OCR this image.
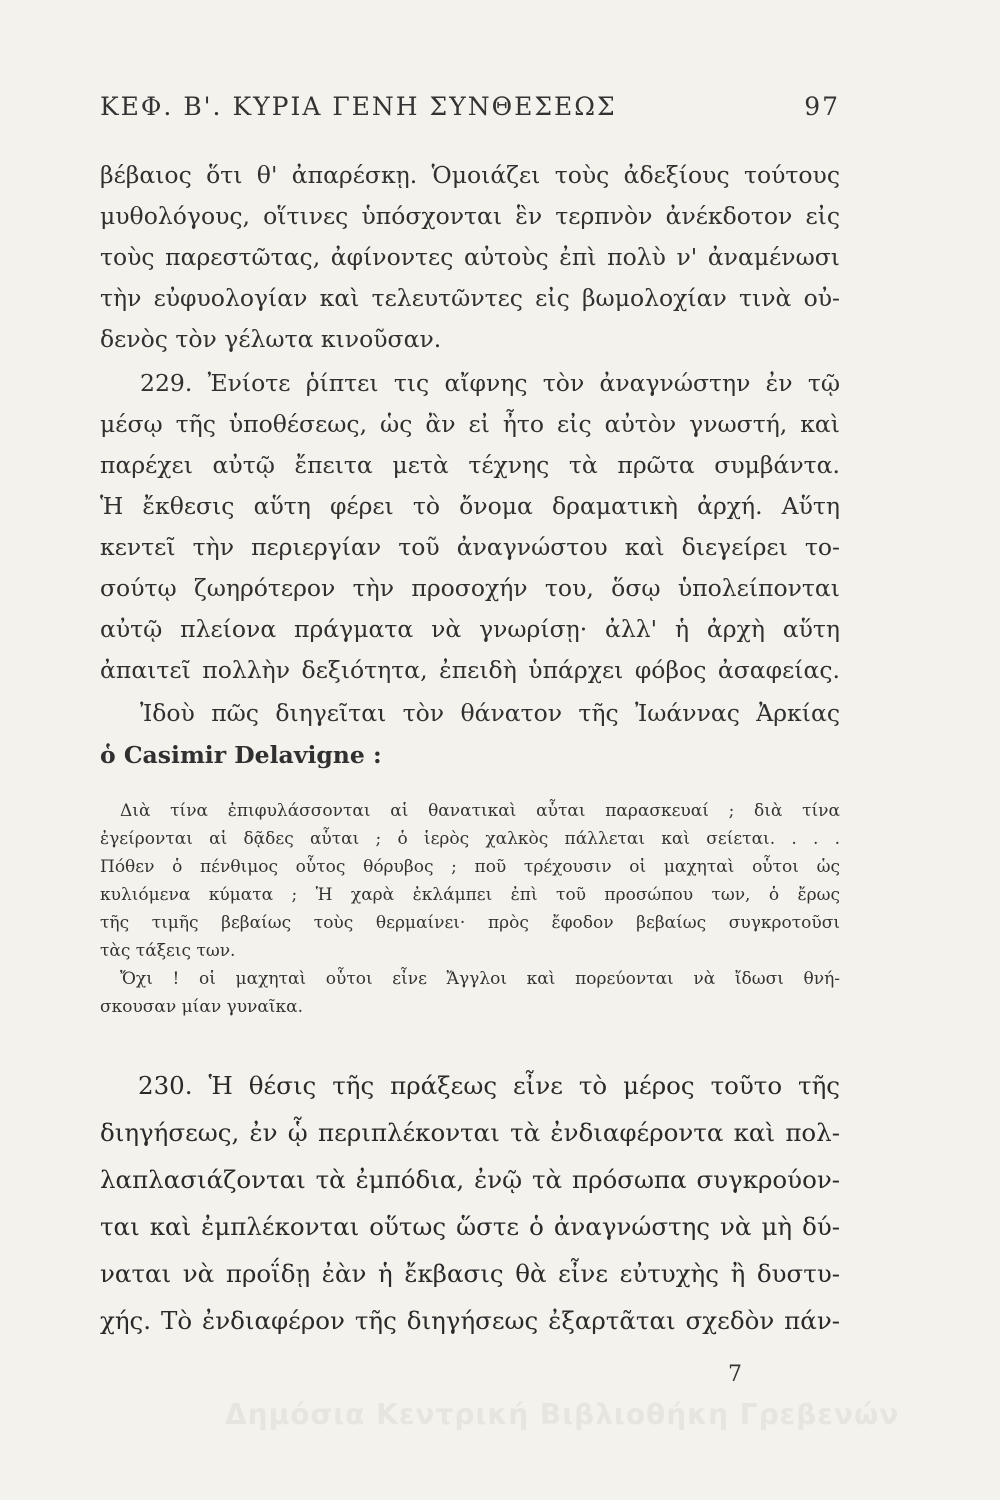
ΚΕΦ. Β'. ΚΥΡΙΑ ΓΕΝΗ ΣΥΝΘΕΣΕΩΣ	97
βέβαιος ὅτι θ' ἀπαρέσκῃ. Ὁμοιάζει τοὺς ἀδεξίους τούτους
μυθολόγους, οἵτινες ὑπόσχονται ἓν τερπνὸν ἀνέκδοτον εἰς
τοὺς παρεστῶτας, ἀφίνοντες αὐτοὺς ἐπὶ πολὺ ν' ἀναμένωσι
τὴν εὐφυολογίαν καὶ τελευτῶντες εἰς βωμολοχίαν τινὰ οὐ-
δενὸς τὸν γέλωτα κινοῦσαν.
229. Ἐνίοτε ῥίπτει τις αἴφνης τὸν ἀναγνώστην ἐν τῷ
μέσῳ τῆς ὑποθέσεως, ὡς ἂν εἰ ἦτο εἰς αὐτὸν γνωστή, καὶ
παρέχει αὐτῷ ἔπειτα μετὰ τέχνης τὰ πρῶτα συμβάντα.
Ἡ ἔκθεσις αὕτη φέρει τὸ ὄνομα δραματικὴ ἀρχή. Αὕτη
κεντεῖ τὴν περιεργίαν τοῦ ἀναγνώστου καὶ διεγείρει το-
σούτῳ ζωηρότερον τὴν προσοχήν του, ὅσῳ ὑπολείπονται
αὐτῷ πλείονα πράγματα νὰ γνωρίσῃ· ἀλλ' ἡ ἀρχὴ αὕτη
ἀπαιτεῖ πολλὴν δεξιότητα, ἐπειδὴ ὑπάρχει φόβος ἀσαφείας.
Ἰδοὺ πῶς διηγεῖται τὸν θάνατον τῆς Ἰωάννας Ἀρκίας
ὁ Casimir Delavigne :
Διὰ τίνα ἐπιφυλάσσονται αἱ θανατικαὶ αὗται παρασκευαί ; διὰ τίνα
ἐγείρονται αἱ δᾷδες αὗται ; ὁ ἱερὸς χαλκὸς πάλλεται καὶ σείεται. . . .
Πόθεν ὁ πένθιμος οὗτος θόρυβος ; ποῦ τρέχουσιν οἱ μαχηταὶ οὗτοι ὡς
κυλιόμενα κύματα ; Ἡ χαρὰ ἐκλάμπει ἐπὶ τοῦ προσώπου των, ὁ ἔρως
τῆς τιμῆς βεβαίως τοὺς θερμαίνει· πρὸς ἔφοδον βεβαίως συγκροτοῦσι
τὰς τάξεις των.
Ὄχι ! οἱ μαχηταὶ οὗτοι εἶνε Ἄγγλοι καὶ πορεύονται νὰ ἴδωσι θνή-
σκουσαν μίαν γυναῖκα.
230. Ἡ θέσις τῆς πράξεως εἶνε τὸ μέρος τοῦτο τῆς
διηγήσεως, ἐν ᾧ περιπλέκονται τὰ ἐνδιαφέροντα καὶ πολ-
λαπλασιάζονται τὰ ἐμπόδια, ἐνῷ τὰ πρόσωπα συγκρούον-
ται καὶ ἐμπλέκονται οὕτως ὥστε ὁ ἀναγνώστης νὰ μὴ δύ-
ναται νὰ προΐδῃ ἐὰν ἡ ἔκβασις θὰ εἶνε εὐτυχὴς ἢ δυστυ-
χής. Τὸ ἐνδιαφέρον τῆς διηγήσεως ἐξαρτᾶται σχεδὸν πάν-
7
Δημόσια Κεντρική Βιβλιοθήκη Γρεβενών
